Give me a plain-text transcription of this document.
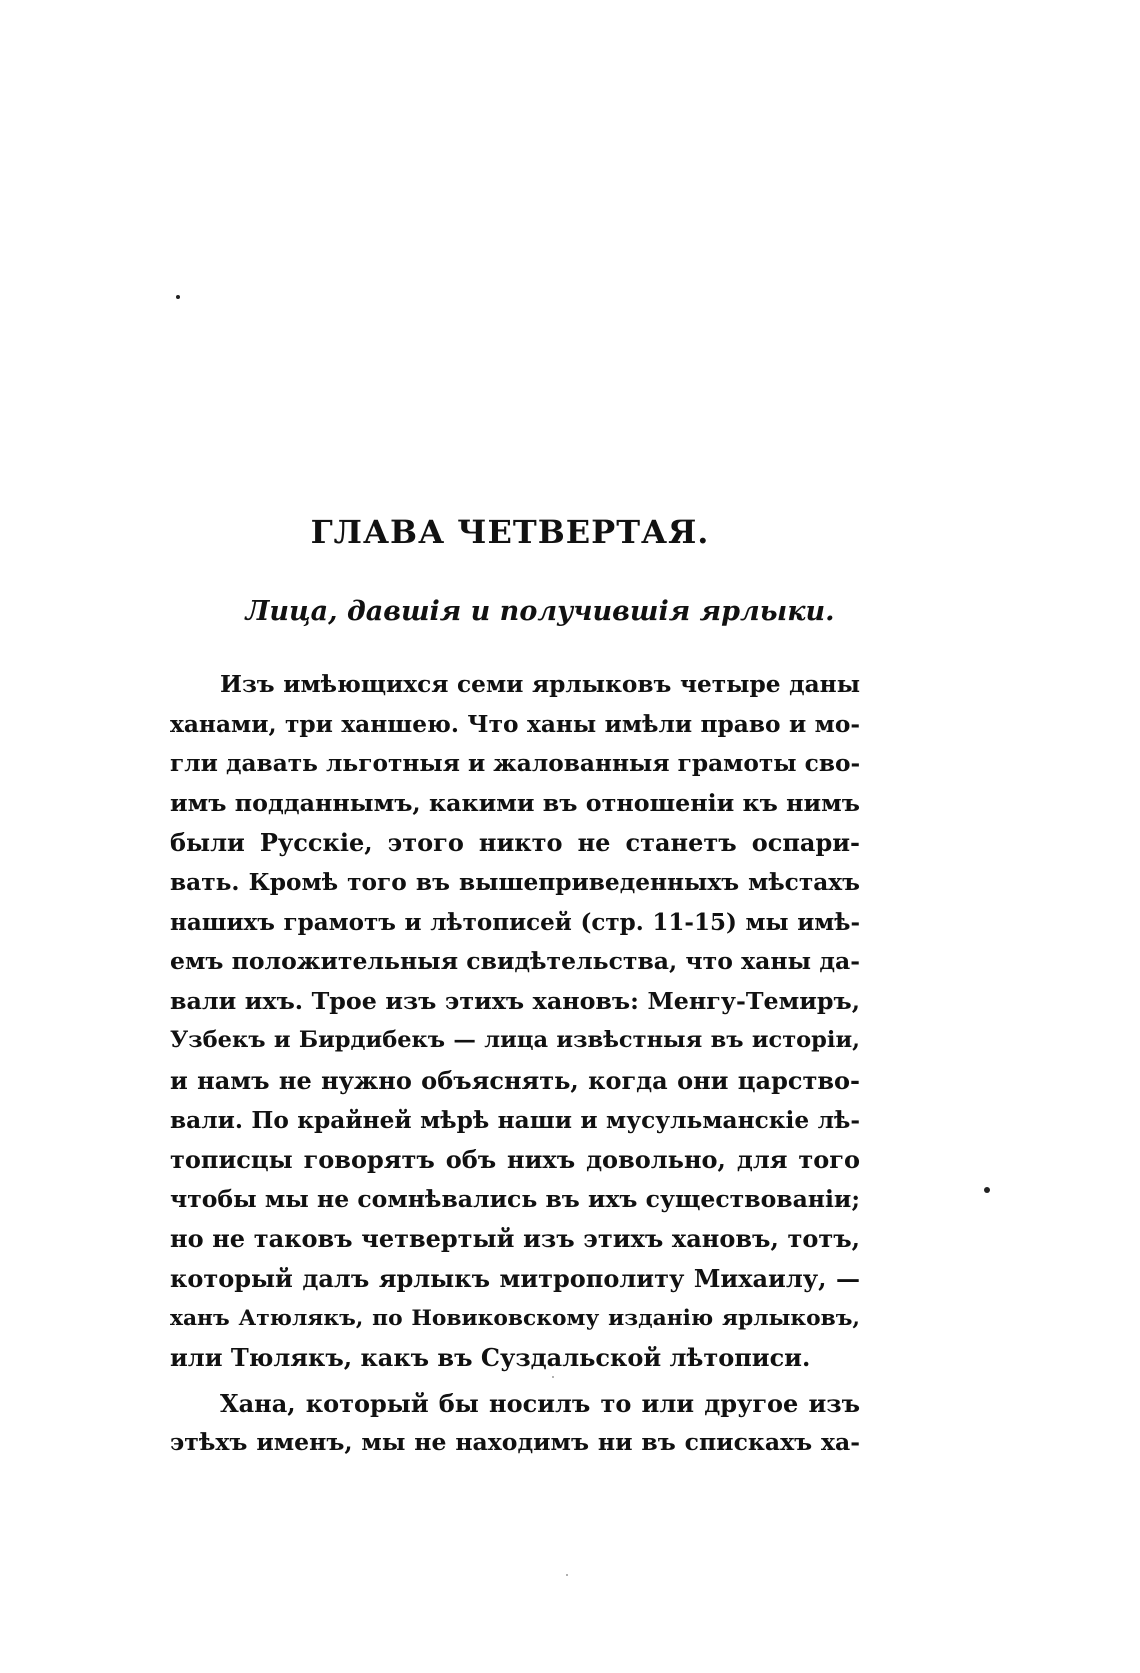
ГЛАВА ЧЕТВЕРТАЯ.
Лица, давшія и получившія ярлыки.
Изъ имѣющихся семи ярлыковъ четыре даны
ханами, три ханшею. Что ханы имѣли право и мо-
гли давать льготныя и жалованныя грамоты сво-
имъ подданнымъ, какими въ отношеніи къ нимъ
были Русскіе, этого никто не станетъ оспари-
вать. Кромѣ того въ вышеприведенныхъ мѣстахъ
нашихъ грамотъ и лѣтописей (стр. 11-15) мы имѣ-
емъ положительныя свидѣтельства, что ханы да-
вали ихъ. Трое изъ этихъ хановъ: Менгу-Темиръ,
Узбекъ и Бирдибекъ — лица извѣстныя въ исторіи,
и намъ не нужно объяснять, когда они царство-
вали. По крайней мѣрѣ наши и мусульманскіе лѣ-
тописцы говорятъ объ нихъ довольно, для того
чтобы мы не сомнѣвались въ ихъ существованіи;
но не таковъ четвертый изъ этихъ хановъ, тотъ,
который далъ ярлыкъ митрополиту Михаилу, —
ханъ Атюлякъ, по Новиковскому изданію ярлыковъ,
или Тюлякъ, какъ въ Суздальской лѣтописи.
Хана, который бы носилъ то или другое изъ
этѣхъ именъ, мы не находимъ ни въ спискахъ ха-
